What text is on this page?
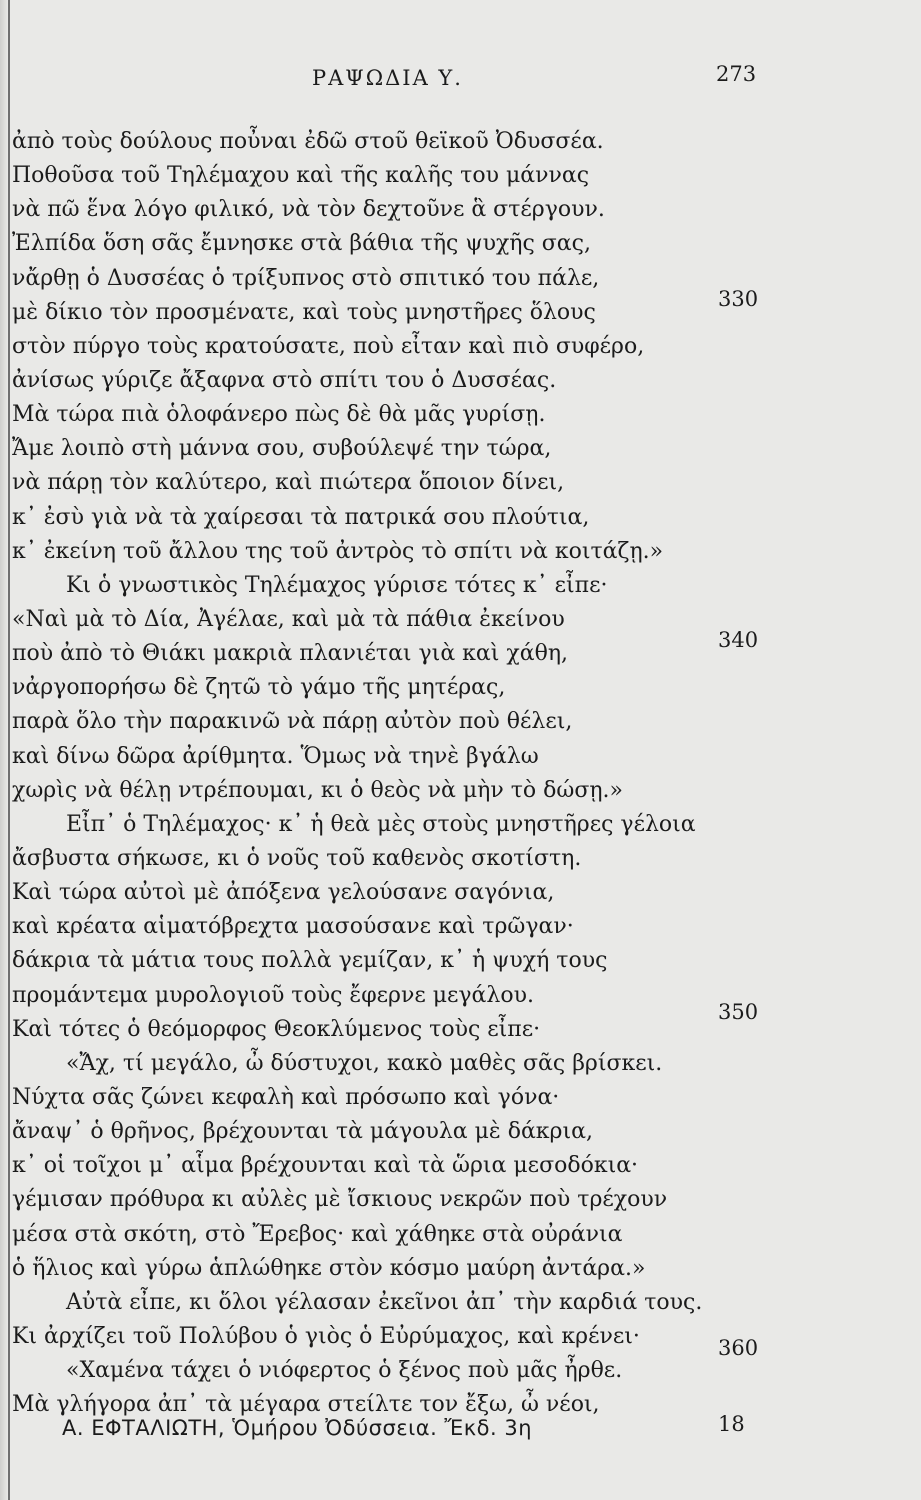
ΡΑΨΩΔΙΑ Υ.	273
ἀπὸ τοὺς δούλους ποὖναι ἐδῶ στοῦ θεϊκοῦ Ὀδυσσέα.
Ποθοῦσα τοῦ Τηλέμαχου καὶ τῆς καλῆς του μάννας
νὰ πῶ ἕνα λόγο φιλικό, νὰ τὸν δεχτοῦνε ἃ στέργουν.
Ἐλπίδα ὅση σᾶς ἔμνησκε στὰ βάθια τῆς ψυχῆς σας,
νἄρθῃ ὁ Δυσσέας ὁ τρίξυπνος στὸ σπιτικό του πάλε,
μὲ δίκιο τὸν προσμένατε, καὶ τοὺς μνηστῆρες ὅλους
στὸν πύργο τοὺς κρατούσατε, ποὺ εἶταν καὶ πιὸ συφέρο,
ἀνίσως γύριζε ἄξαφνα στὸ σπίτι του ὁ Δυσσέας.
Μὰ τώρα πιὰ ὁλοφάνερο πὼς δὲ θὰ μᾶς γυρίσῃ.
Ἄμε λοιπὸ στὴ μάννα σου, συβούλεψέ την τώρα,
νὰ πάρῃ τὸν καλύτερο, καὶ πιώτερα ὅποιον δίνει,
κ᾽ ἐσὺ γιὰ νὰ τὰ χαίρεσαι τὰ πατρικά σου πλούτια,
κ᾽ ἐκείνη τοῦ ἄλλου της τοῦ ἀντρὸς τὸ σπίτι νὰ κοιτάζῃ.»
Κι ὁ γνωστικὸς Τηλέμαχος γύρισε τότες κ᾽ εἶπε·
«Ναὶ μὰ τὸ Δία, Ἀγέλαε, καὶ μὰ τὰ πάθια ἐκείνου
ποὺ ἀπὸ τὸ Θιάκι μακριὰ πλανιέται γιὰ καὶ χάθη,
νἀργοπορήσω δὲ ζητῶ τὸ γάμο τῆς μητέρας,
παρὰ ὅλο τὴν παρακινῶ νὰ πάρῃ αὐτὸν ποὺ θέλει,
καὶ δίνω δῶρα ἀρίθμητα. Ὅμως νὰ τηνὲ βγάλω
χωρὶς νὰ θέλῃ ντρέπουμαι, κι ὁ θεὸς νὰ μὴν τὸ δώσῃ.»
Εἶπ᾽ ὁ Τηλέμαχος· κ᾽ ἡ θεὰ μὲς στοὺς μνηστῆρες γέλοια
ἄσβυστα σήκωσε, κι ὁ νοῦς τοῦ καθενὸς σκοτίστη.
Καὶ τώρα αὐτοὶ μὲ ἀπόξενα γελούσανε σαγόνια,
καὶ κρέατα αἱματόβρεχτα μασούσανε καὶ τρῶγαν·
δάκρια τὰ μάτια τους πολλὰ γεμίζαν, κ᾽ ἡ ψυχή τους
προμάντεμα μυρολογιοῦ τοὺς ἔφερνε μεγάλου.
Καὶ τότες ὁ θεόμορφος Θεοκλύμενος τοὺς εἶπε·
«Ἄχ, τί μεγάλο, ὦ δύστυχοι, κακὸ μαθὲς σᾶς βρίσκει.
Νύχτα σᾶς ζώνει κεφαλὴ καὶ πρόσωπο καὶ γόνα·
ἄναψ᾽ ὁ θρῆνος, βρέχουνται τὰ μάγουλα μὲ δάκρια,
κ᾽ οἱ τοῖχοι μ᾽ αἷμα βρέχουνται καὶ τὰ ὥρια μεσοδόκια·
γέμισαν πρόθυρα κι αὐλὲς μὲ ἴσκιους νεκρῶν ποὺ τρέχουν
μέσα στὰ σκότη, στὸ Ἔρεβος· καὶ χάθηκε στὰ οὐράνια
ὁ ἥλιος καὶ γύρω ἁπλώθηκε στὸν κόσμο μαύρη ἀντάρα.»
Αὐτὰ εἶπε, κι ὅλοι γέλασαν ἐκεῖνοι ἀπ᾽ τὴν καρδιά τους.
Κι ἀρχίζει τοῦ Πολύβου ὁ γιὸς ὁ Εὐρύμαχος, καὶ κρένει·
«Χαμένα τάχει ὁ νιόφερτος ὁ ξένος ποὺ μᾶς ἦρθε.
Μὰ γλήγορα ἀπ᾽ τὰ μέγαρα στείλτε τον ἔξω, ὦ νέοι,
330
340
350
360
Α. ΕΦΤΑΛΙΩΤΗ, Ὁμήρου Ὀδύσσεια. Ἔκδ. 3η	18
